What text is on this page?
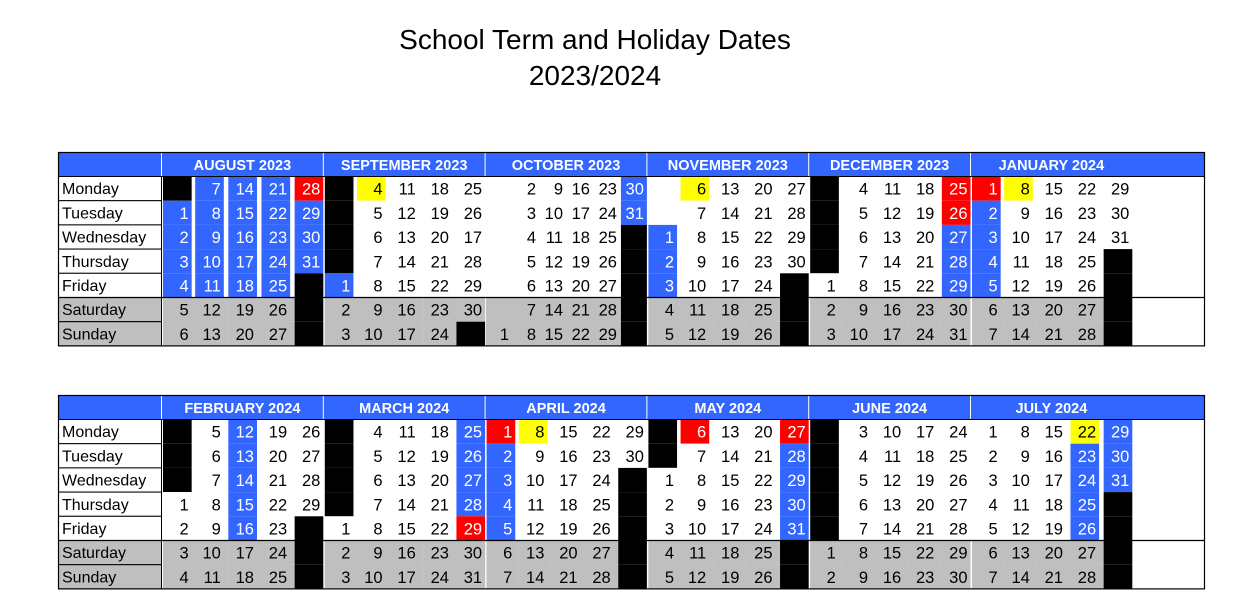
School Term and Holiday Dates
2023/2024
Monday
Tuesday
Wednesday
Thursday
Friday
Saturday
Sunday
AUGUST 2023
1
2
3
4
5
6
7
8
9
10
11
12
13
14
15
16
17
18
19
20
21
22
23
24
25
26
27
28
29
30
31
SEPTEMBER 2023
1
2
3
4
5
6
7
8
9
10
11
12
13
14
15
16
17
18
19
20
21
22
23
24
25
26
17
28
29
30
OCTOBER 2023
1
2
3
4
5
6
7
8
9
10
11
12
13
14
15
16
17
18
19
20
21
22
23
24
25
26
27
28
29
30
31
NOVEMBER 2023
1
2
3
4
5
6
7
8
9
10
11
12
13
14
15
16
17
18
19
20
21
22
23
24
25
26
27
28
29
30
DECEMBER 2023
1
2
3
4
5
6
7
8
9
10
11
12
13
14
15
16
17
18
19
20
21
22
23
24
25
26
27
28
29
30
31
JANUARY 2024
1
2
3
4
5
6
7
8
9
10
11
12
13
14
15
16
17
18
19
20
21
22
23
24
25
26
27
28
29
30
31
Monday
Tuesday
Wednesday
Thursday
Friday
Saturday
Sunday
FEBRUARY 2024
1
2
3
4
5
6
7
8
9
10
11
12
13
14
15
16
17
18
19
20
21
22
23
24
25
26
27
28
29
MARCH 2024
1
2
3
4
5
6
7
8
9
10
11
12
13
14
15
16
17
18
19
20
21
22
23
24
25
26
27
28
29
30
31
APRIL 2024
1
2
3
4
5
6
7
8
9
10
11
12
13
14
15
16
17
18
19
20
21
22
23
24
25
26
27
28
29
30
MAY 2024
1
2
3
4
5
6
7
8
9
10
11
12
13
14
15
16
17
18
19
20
21
22
23
24
25
26
27
28
29
30
31
JUNE 2024
1
2
3
4
5
6
7
8
9
10
11
12
13
14
15
16
17
18
19
20
21
22
23
24
25
26
27
28
29
30
JULY 2024
1
2
3
4
5
6
7
8
9
10
11
12
13
14
15
16
17
18
19
20
21
22
23
24
25
26
27
28
29
30
31
